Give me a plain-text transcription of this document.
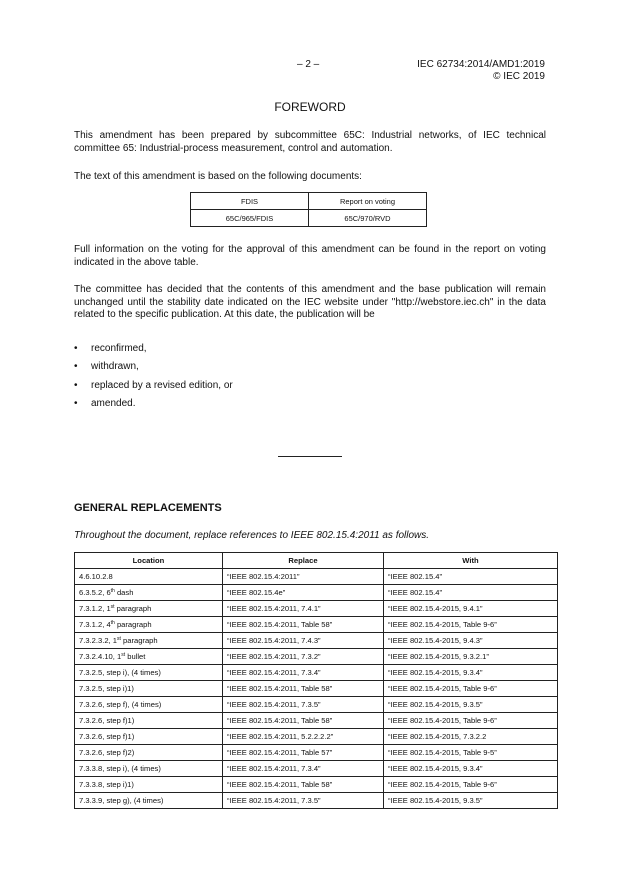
– 2 –	IEC 62734:2014/AMD1:2019
© IEC 2019
FOREWORD
This amendment has been prepared by subcommittee 65C: Industrial networks, of IEC technical committee 65: Industrial-process measurement, control and automation.
The text of this amendment is based on the following documents:
FDIS	Report on voting
65C/965/FDIS	65C/970/RVD
Full information on the voting for the approval of this amendment can be found in the report on voting indicated in the above table.
The committee has decided that the contents of this amendment and the base publication will remain unchanged until the stability date indicated on the IEC website under "http://webstore.iec.ch" in the data related to the specific publication. At this date, the publication will be
• reconfirmed,
• withdrawn,
• replaced by a revised edition, or
• amended.
GENERAL REPLACEMENTS
Throughout the document, replace references to IEEE 802.15.4:2011 as follows.
Location	Replace	With
4.6.10.2.8	“IEEE 802.15.4:2011”	“IEEE 802.15.4”
6.3.5.2, 6th dash	“IEEE 802.15.4e”	“IEEE 802.15.4”
7.3.1.2, 1st paragraph	“IEEE 802.15.4:2011, 7.4.1”	“IEEE 802.15.4-2015, 9.4.1”
7.3.1.2, 4th paragraph	“IEEE 802.15.4:2011, Table 58”	“IEEE 802.15.4-2015, Table 9-6”
7.3.2.3.2, 1st paragraph	“IEEE 802.15.4:2011, 7.4.3”	“IEEE 802.15.4-2015, 9.4.3”
7.3.2.4.10, 1st bullet	“IEEE 802.15.4:2011, 7.3.2”	“IEEE 802.15.4-2015, 9.3.2.1”
7.3.2.5, step i), (4 times)	“IEEE 802.15.4:2011, 7.3.4”	“IEEE 802.15.4-2015, 9.3.4”
7.3.2.5, step i)1)	“IEEE 802.15.4:2011, Table 58”	“IEEE 802.15.4-2015, Table 9-6”
7.3.2.6, step f), (4 times)	“IEEE 802.15.4:2011, 7.3.5”	“IEEE 802.15.4-2015, 9.3.5”
7.3.2.6, step f)1)	“IEEE 802.15.4:2011, Table 58”	“IEEE 802.15.4-2015, Table 9-6”
7.3.2.6, step f)1)	“IEEE 802.15.4:2011, 5.2.2.2.2”	“IEEE 802.15.4-2015, 7.3.2.2
7.3.2.6, step f)2)	“IEEE 802.15.4:2011, Table 57”	“IEEE 802.15.4-2015, Table 9-5”
7.3.3.8, step i), (4 times)	“IEEE 802.15.4:2011, 7.3.4”	“IEEE 802.15.4-2015, 9.3.4”
7.3.3.8, step i)1)	“IEEE 802.15.4:2011, Table 58”	“IEEE 802.15.4-2015, Table 9-6”
7.3.3.9, step g), (4 times)	“IEEE 802.15.4:2011, 7.3.5”	“IEEE 802.15.4-2015, 9.3.5”
